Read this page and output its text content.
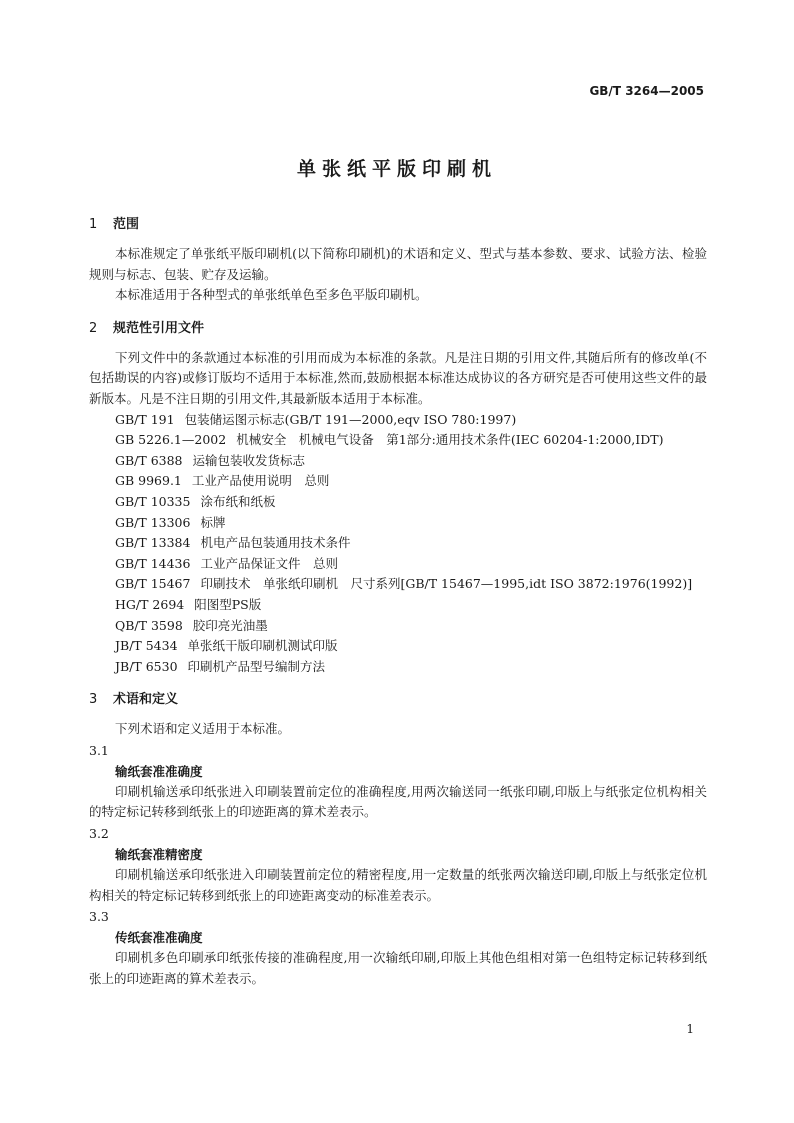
GB/T 3264—2005
单张纸平版印刷机
1 范围

本标准规定了单张纸平版印刷机(以下简称印刷机)的术语和定义、型式与基本参数、要求、试验方法、检验规则与标志、包装、贮存及运输。

本标准适用于各种型式的单张纸单色至多色平版印刷机。

2 规范性引用文件

下列文件中的条款通过本标准的引用而成为本标准的条款。凡是注日期的引用文件,其随后所有的修改单(不包括勘误的内容)或修订版均不适用于本标准,然而,鼓励根据本标准达成协议的各方研究是否可使用这些文件的最新版本。凡是不注日期的引用文件,其最新版本适用于本标准。

GB/T 191 包装储运图示标志(GB/T 191—2000,eqv ISO 780:1997)
GB 5226.1—2002 机械安全　机械电气设备　第1部分:通用技术条件(IEC 60204-1:2000,IDT)
GB/T 6388 运输包装收发货标志
GB 9969.1 工业产品使用说明　总则
GB/T 10335 涂布纸和纸板
GB/T 13306 标牌
GB/T 13384 机电产品包装通用技术条件
GB/T 14436 工业产品保证文件　总则
GB/T 15467 印刷技术　单张纸印刷机　尺寸系列[GB/T 15467—1995,idt ISO 3872:1976(1992)]
HG/T 2694 阳图型PS版
QB/T 3598 胶印亮光油墨
JB/T 5434 单张纸干版印刷机测试印版
JB/T 6530 印刷机产品型号编制方法
3 术语和定义

下列术语和定义适用于本标准。

3.1
输纸套准准确度

印刷机输送承印纸张进入印刷装置前定位的准确程度,用两次输送同一纸张印刷,印版上与纸张定位机构相关的特定标记转移到纸张上的印迹距离的算术差表示。

3.2
输纸套准精密度

印刷机输送承印纸张进入印刷装置前定位的精密程度,用一定数量的纸张两次输送印刷,印版上与纸张定位机构相关的特定标记转移到纸张上的印迹距离变动的标准差表示。

3.3
传纸套准准确度

印刷机多色印刷承印纸张传接的准确程度,用一次输纸印刷,印版上其他色组相对第一色组特定标记转移到纸张上的印迹距离的算术差表示。

1
